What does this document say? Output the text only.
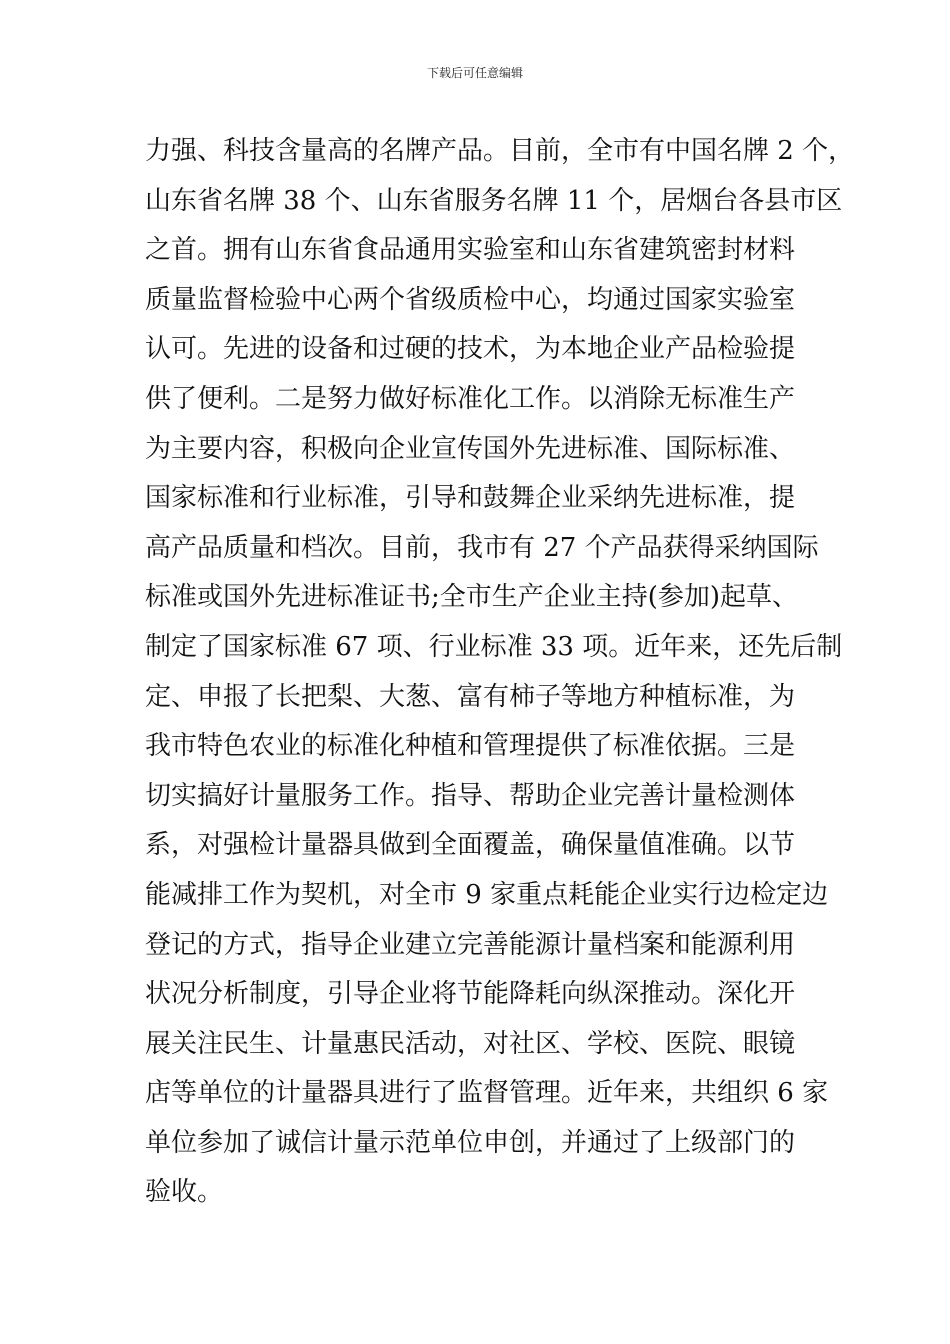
下载后可任意编辑
力强、科技含量高的名牌产品。目前，全市有中国名牌 2 个，
山东省名牌 38 个、山东省服务名牌 11 个，居烟台各县市区
之首。拥有山东省食品通用实验室和山东省建筑密封材料
质量监督检验中心两个省级质检中心，均通过国家实验室
认可。先进的设备和过硬的技术，为本地企业产品检验提
供了便利。二是努力做好标准化工作。以消除无标准生产
为主要内容，积极向企业宣传国外先进标准、国际标准、
国家标准和行业标准，引导和鼓舞企业采纳先进标准，提
高产品质量和档次。目前，我市有 27 个产品获得采纳国际
标准或国外先进标准证书;全市生产企业主持(参加)起草、
制定了国家标准 67 项、行业标准 33 项。近年来，还先后制
定、申报了长把梨、大葱、富有柿子等地方种植标准，为
我市特色农业的标准化种植和管理提供了标准依据。三是
切实搞好计量服务工作。指导、帮助企业完善计量检测体
系，对强检计量器具做到全面覆盖，确保量值准确。以节
能减排工作为契机，对全市 9 家重点耗能企业实行边检定边
登记的方式，指导企业建立完善能源计量档案和能源利用
状况分析制度，引导企业将节能降耗向纵深推动。深化开
展关注民生、计量惠民活动，对社区、学校、医院、眼镜
店等单位的计量器具进行了监督管理。近年来，共组织 6 家
单位参加了诚信计量示范单位申创，并通过了上级部门的
验收。
